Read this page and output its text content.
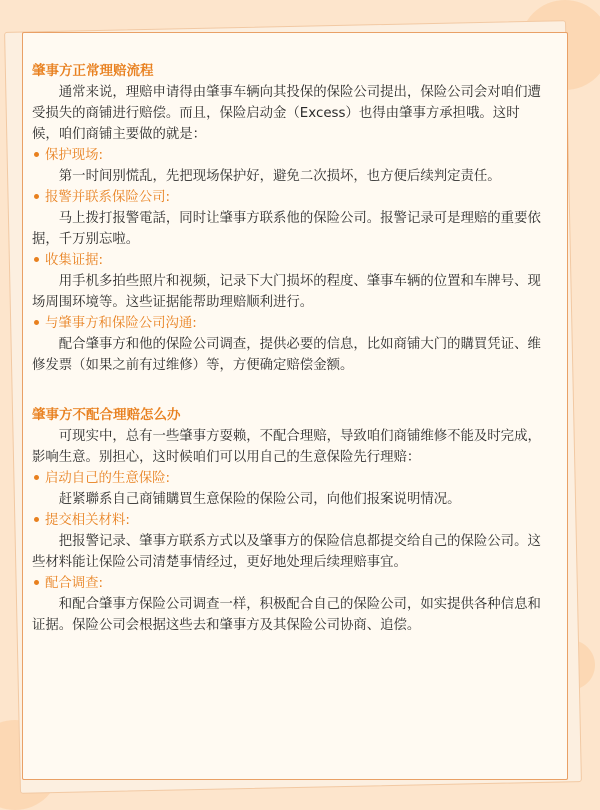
肇事方正常理赔流程

通常来说，理赔申请得由肇事车辆向其投保的保险公司提出，保险公司会对咱们遭受损失的商铺进行赔偿。而且，保险启动金（Excess）也得由肇事方承担哦。这时候，咱们商铺主要做的就是：

保护现场:

第一时间别慌乱，先把现场保护好，避免二次损坏，也方便后续判定责任。

报警并联系保险公司:

马上拨打报警電話，同时让肇事方联系他的保险公司。报警记录可是理赔的重要依据，千万别忘啦。

收集证据:

用手机多拍些照片和视频，记录下大门损坏的程度、肇事车辆的位置和车牌号、现场周围环境等。这些证据能帮助理赔顺利进行。

与肇事方和保险公司沟通:

配合肇事方和他的保险公司调查，提供必要的信息，比如商铺大门的購買凭证、维修发票（如果之前有过维修）等，方便确定赔偿金额。

肇事方不配合理赔怎么办

可现实中，总有一些肇事方耍赖，不配合理赔，导致咱们商铺维修不能及时完成，影响生意。别担心，这时候咱们可以用自己的生意保险先行理赔：

启动自己的生意保险:

赶紧聯系自己商铺購買生意保险的保险公司，向他们报案说明情况。

提交相关材料:

把报警记录、肇事方联系方式以及肇事方的保险信息都提交给自己的保险公司。这些材料能让保险公司清楚事情经过，更好地处理后续理赔事宜。

配合调查:

和配合肇事方保险公司调查一样，积极配合自己的保险公司，如实提供各种信息和证据。保险公司会根据这些去和肇事方及其保险公司协商、追偿。
